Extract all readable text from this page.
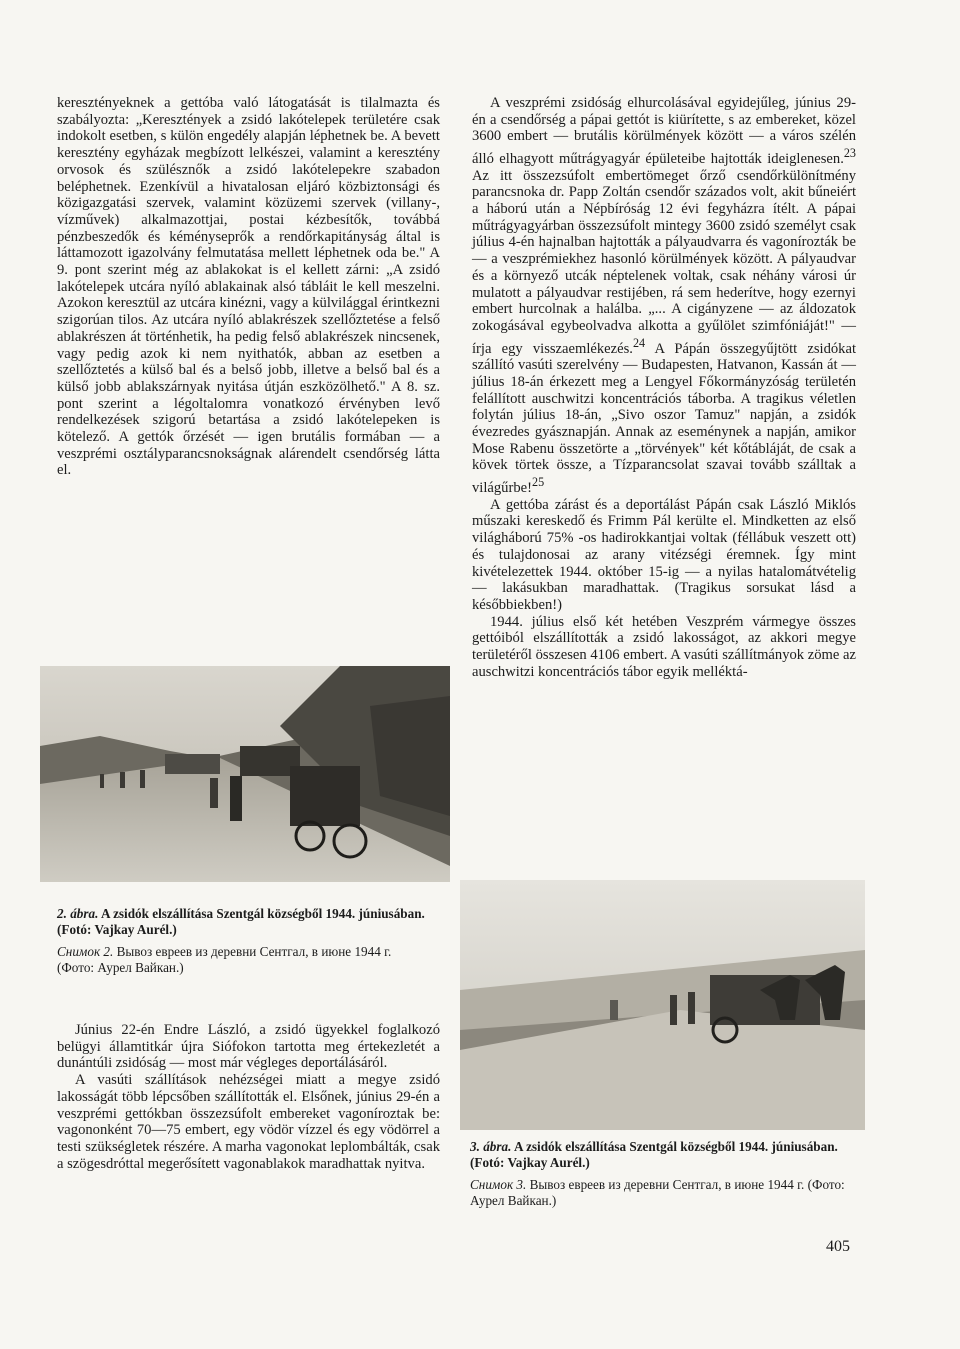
keresztényeknek a gettóba való látogatását is tilalmazta és szabályozta: „Keresztények a zsidó lakótelepek területére csak indokolt esetben, s külön engedély alapján léphetnek be. A bevett keresztény egyházak megbízott lelkészei, valamint a keresztény orvosok és szülésznők a zsidó lakótelepekre szabadon beléphetnek. Ezenkívül a hivatalosan eljáró közbiztonsági és közigazgatási szervek, valamint közüzemi szervek (villany-, vízművek) alkalmazottjai, postai kézbesítők, továbbá pénzbeszedők és kéményseprők a rendőrkapitányság által is láttamozott igazolvány felmutatása mellett léphetnek oda be." A 9. pont szerint még az ablakokat is el kellett zárni: „A zsidó lakótelepek utcára nyíló ablakainak alsó tábláit le kell meszelni. Azokon keresztül az utcára kinézni, vagy a külvilággal érintkezni szigorúan tilos. Az utcára nyíló ablakrészek szellőztetése a felső ablakrészen át történhetik, ha pedig felső ablakrészek nincsenek, vagy pedig azok ki nem nyithatók, abban az esetben a szellőztetés a külső bal és a belső jobb, illetve a belső bal és a külső jobb ablakszárnyak nyitása útján eszközölhető." A 8. sz. pont szerint a légoltalomra vonatkozó érvényben levő rendelkezések szigorú betartása a zsidó lakótelepeken is kötelező. A gettók őrzését — igen brutális formában — a veszprémi osztályparancsnokságnak alárendelt csendőrség látta el.

A veszprémi zsidóság elhurcolásával egyidejűleg, június 29-én a csendőrség a pápai gettót is kiürítette, s az embereket, közel 3600 embert — brutális körülmények között — a város szélén álló elhagyott műtrágyagyár épületeibe hajtották ideiglenesen.$^{23}$ Az itt összezsúfolt embertömeget őrző csendőrkülönítmény parancsnoka dr. Papp Zoltán csendőr százados volt, akit bűneiért a háború után a Népbíróság 12 évi fegyházra ítélt. A pápai műtrágyagyárban összezsúfolt mintegy 3600 zsidó személyt csak július 4-én hajnalban hajtották a pályaudvarra és vagonírozták be — a veszprémiekhez hasonló körülmények között. A pályaudvar és a környező utcák néptelenek voltak, csak néhány városi úr mulatott a pályaudvar restijében, rá sem hederítve, hogy ezernyi embert hurcolnak a halálba. „... A cigányzene — az áldozatok zokogásával egybeolvadva alkotta a gyűlölet szimfóniáját!" — írja egy visszaemlékezés.$^{24}$ A Pápán összegyűjtött zsidókat szállító vasúti szerelvény — Budapesten, Hatvanon, Kassán át — július 18-án érkezett meg a Lengyel Főkormányzóság területén felállított auschwitzi koncentrációs táborba. A tragikus véletlen folytán július 18-án, „Sivo oszor Tamuz" napján, a zsidók évezredes gyásznapján. Annak az eseménynek a napján, amikor Mose Rabenu összetörte a „törvények" két kőtábláját, de csak a kövek törtek össze, a Tízparancsolat szavai tovább szálltak a világűrbe!$^{25}$

A gettóba zárást és a deportálást Pápán csak László Miklós műszaki kereskedő és Frimm Pál kerülte el. Mindketten az első világháború 75% -os hadirokkantjai voltak (féllábuk veszett ott) és tulajdonosai az arany vitézségi éremnek. Így mint kivételezettek 1944. október 15-ig — a nyilas hatalomátvételig — lakásukban maradhattak. (Tragikus sorsukat lásd a későbbiekben!)

1944. július első két hetében Veszprém vármegye összes gettóiból elszállították a zsidó lakosságot, az akkori megye területéről összesen 4106 embert. A vasúti szállítmányok zöme az auschwitzi koncentrációs tábor egyik melléktá-

2. ábra. A zsidók elszállítása Szentgál községből 1944. júniusában. (Fotó: Vajkay Aurél.)

Снимок 2. Вывоз евреев из деревни Сентгал, в июне 1944 г. (Фото: Аурел Вайкан.)

3. ábra. A zsidók elszállítása Szentgál községből 1944. júniusában. (Fotó: Vajkay Aurél.)

Снимок 3. Вывоз евреев из деревни Сентгал, в июне 1944 г. (Фото: Аурел Вайкан.)

Június 22-én Endre László, a zsidó ügyekkel foglalkozó belügyi államtitkár újra Siófokon tartotta meg értekezletét a dunántúli zsidóság — most már végleges deportálásáról.

A vasúti szállítások nehézségei miatt a megye zsidó lakosságát több lépcsőben szállították el. Elsőnek, június 29-én a veszprémi gettókban összezsúfolt embereket vagoníroztak be: vagononként 70—75 embert, egy vödör vízzel és egy vödörrel a testi szükségletek részére. A marha vagonokat leplombálták, csak a szögesdróttal megerősített vagonablakok maradhattak nyitva.

405
